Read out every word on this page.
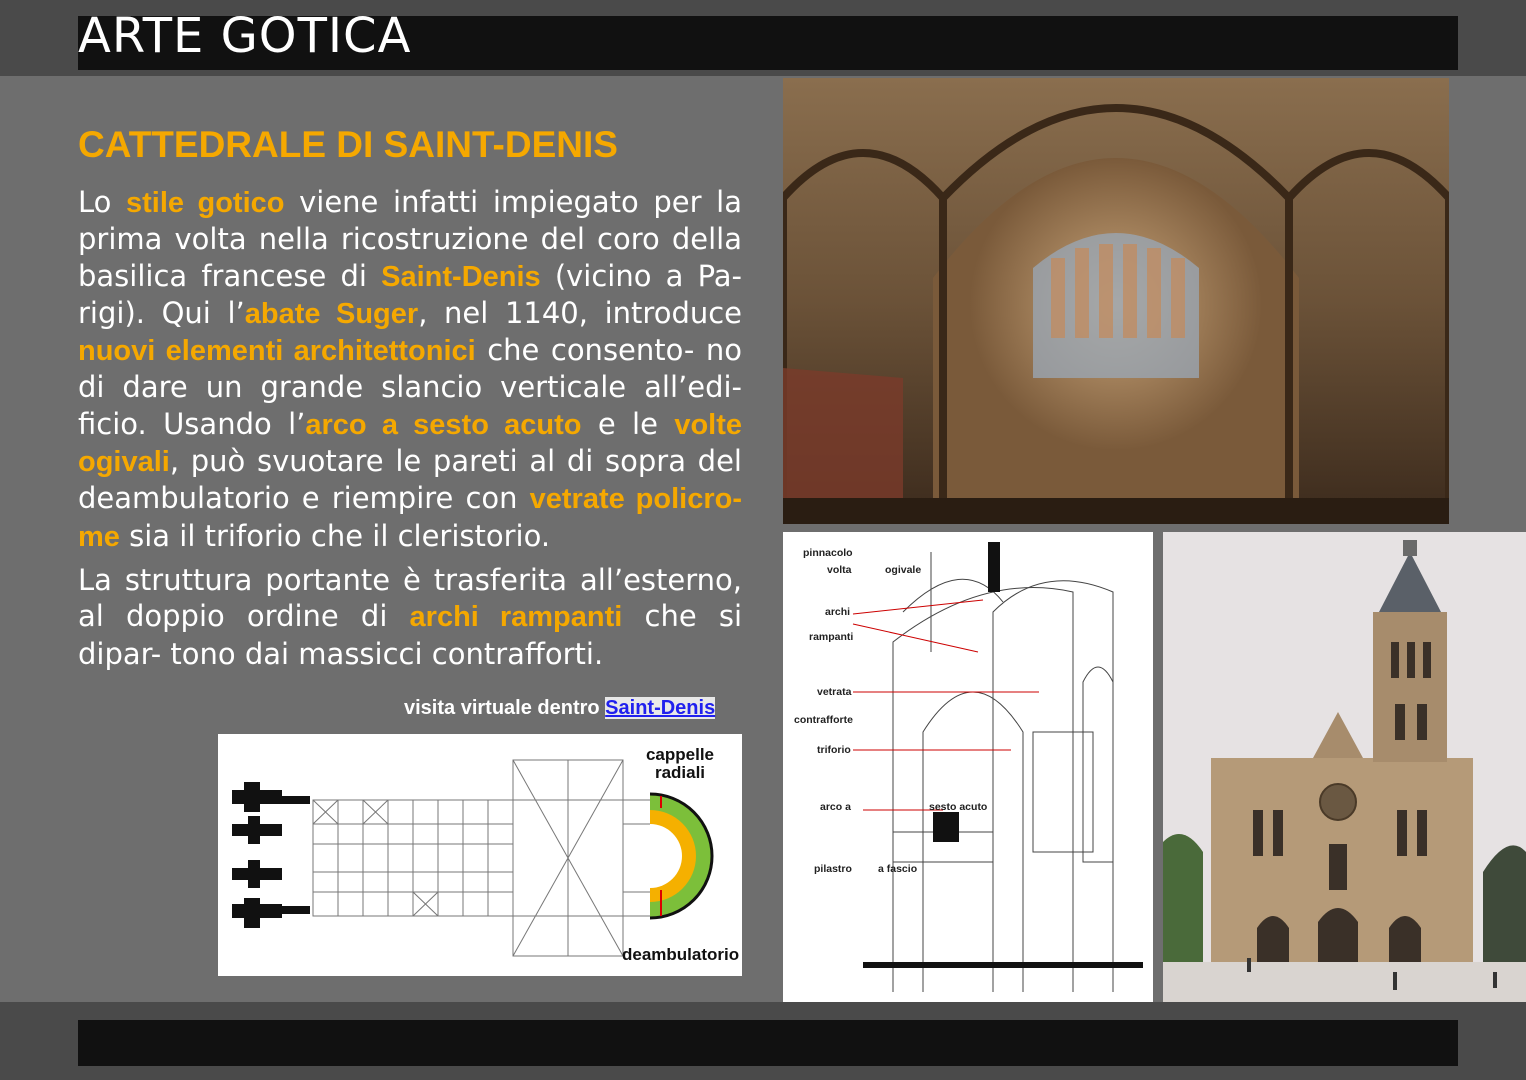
ARTE GOTICA
CATTEDRALE DI SAINT-DENIS
Lo stile gotico viene infatti impiegato per la prima volta nella ricostruzione del coro della basilica francese di Saint-Denis (vicino a Pa- rigi). Qui l’abate Suger, nel 1140, introduce nuovi elementi architettonici che consento- no di dare un grande slancio verticale all’edi- ficio. Usando l’arco a sesto acuto e le volte ogivali, può svuotare le pareti al di sopra del deambulatorio e riempire con vetrate policro- me sia il triforio che il cleristorio.
La struttura portante è trasferita all’esterno, al doppio ordine di archi rampanti che si dipar- tono dai massicci contrafforti.
visita virtuale dentro Saint-Denis
cappelle radiali
deambulatorio
pinnacolo
volta	ogivale
archi
rampanti
vetrata
contrafforte
triforio
arco a	sesto acuto
pilastro a fascio
